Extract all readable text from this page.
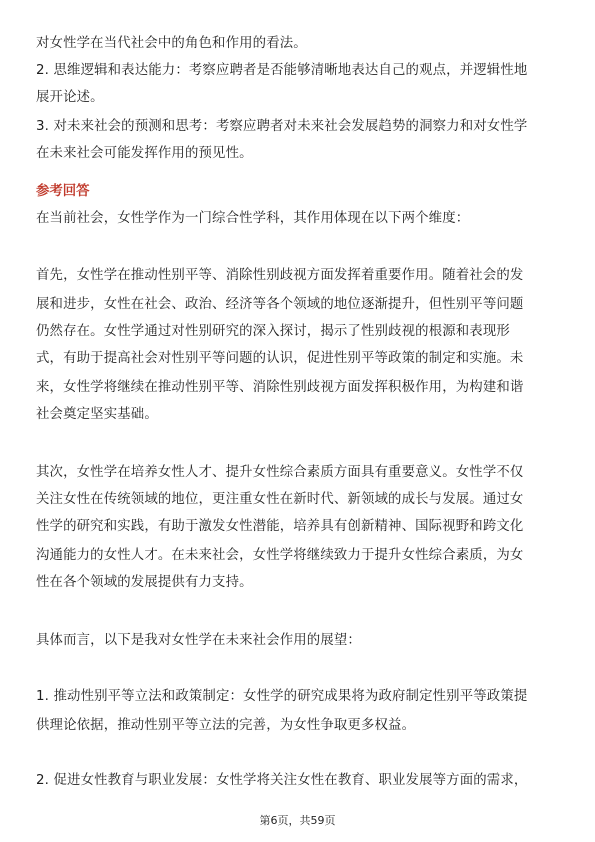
对女性学在当代社会中的角色和作用的看法。
2. 思维逻辑和表达能力：考察应聘者是否能够清晰地表达自己的观点，并逻辑性地
展开论述。
3. 对未来社会的预测和思考：考察应聘者对未来社会发展趋势的洞察力和对女性学
在未来社会可能发挥作用的预见性。
参考回答
在当前社会，女性学作为一门综合性学科，其作用体现在以下两个维度：
首先，女性学在推动性别平等、消除性别歧视方面发挥着重要作用。随着社会的发
展和进步，女性在社会、政治、经济等各个领域的地位逐渐提升，但性别平等问题
仍然存在。女性学通过对性别研究的深入探讨，揭示了性别歧视的根源和表现形
式，有助于提高社会对性别平等问题的认识，促进性别平等政策的制定和实施。未
来，女性学将继续在推动性别平等、消除性别歧视方面发挥积极作用，为构建和谐
社会奠定坚实基础。
其次，女性学在培养女性人才、提升女性综合素质方面具有重要意义。女性学不仅
关注女性在传统领域的地位，更注重女性在新时代、新领域的成长与发展。通过女
性学的研究和实践，有助于激发女性潜能，培养具有创新精神、国际视野和跨文化
沟通能力的女性人才。在未来社会，女性学将继续致力于提升女性综合素质，为女
性在各个领域的发展提供有力支持。
具体而言，以下是我对女性学在未来社会作用的展望：
1. 推动性别平等立法和政策制定：女性学的研究成果将为政府制定性别平等政策提
供理论依据，推动性别平等立法的完善，为女性争取更多权益。
2. 促进女性教育与职业发展：女性学将关注女性在教育、职业发展等方面的需求，
第6页，共59页
